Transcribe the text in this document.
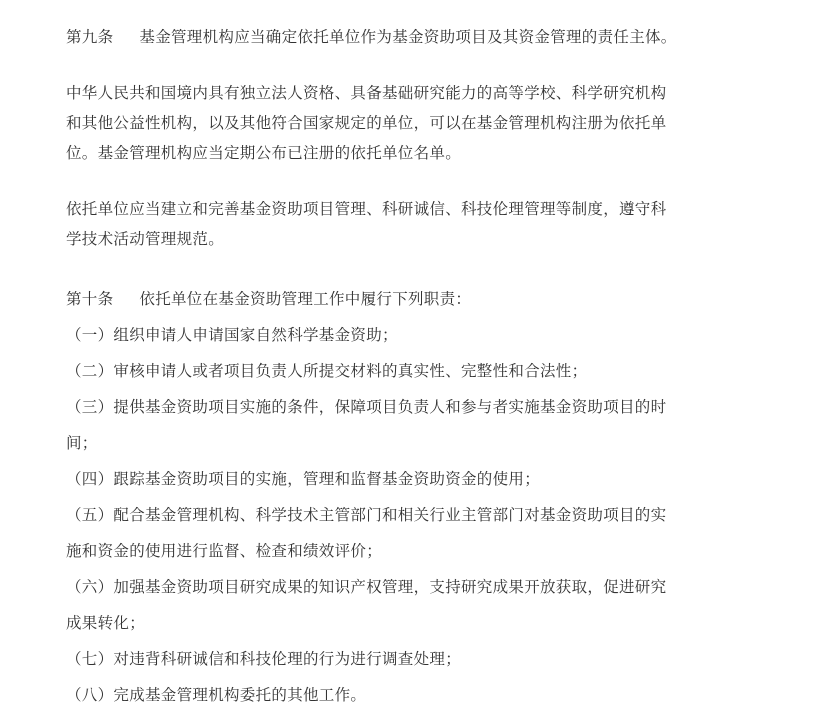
第九条 基金管理机构应当确定依托单位作为基金资助项目及其资金管理的责任主体。
中华人民共和国境内具有独立法人资格、具备基础研究能力的高等学校、科学研究机构
和其他公益性机构，以及其他符合国家规定的单位，可以在基金管理机构注册为依托单
位。基金管理机构应当定期公布已注册的依托单位名单。
依托单位应当建立和完善基金资助项目管理、科研诚信、科技伦理管理等制度，遵守科
学技术活动管理规范。
第十条 依托单位在基金资助管理工作中履行下列职责：
（一）组织申请人申请国家自然科学基金资助；
（二）审核申请人或者项目负责人所提交材料的真实性、完整性和合法性；
（三）提供基金资助项目实施的条件，保障项目负责人和参与者实施基金资助项目的时
间；
（四）跟踪基金资助项目的实施，管理和监督基金资助资金的使用；
（五）配合基金管理机构、科学技术主管部门和相关行业主管部门对基金资助项目的实
施和资金的使用进行监督、检查和绩效评价；
（六）加强基金资助项目研究成果的知识产权管理，支持研究成果开放获取，促进研究
成果转化；
（七）对违背科研诚信和科技伦理的行为进行调查处理；
（八）完成基金管理机构委托的其他工作。
